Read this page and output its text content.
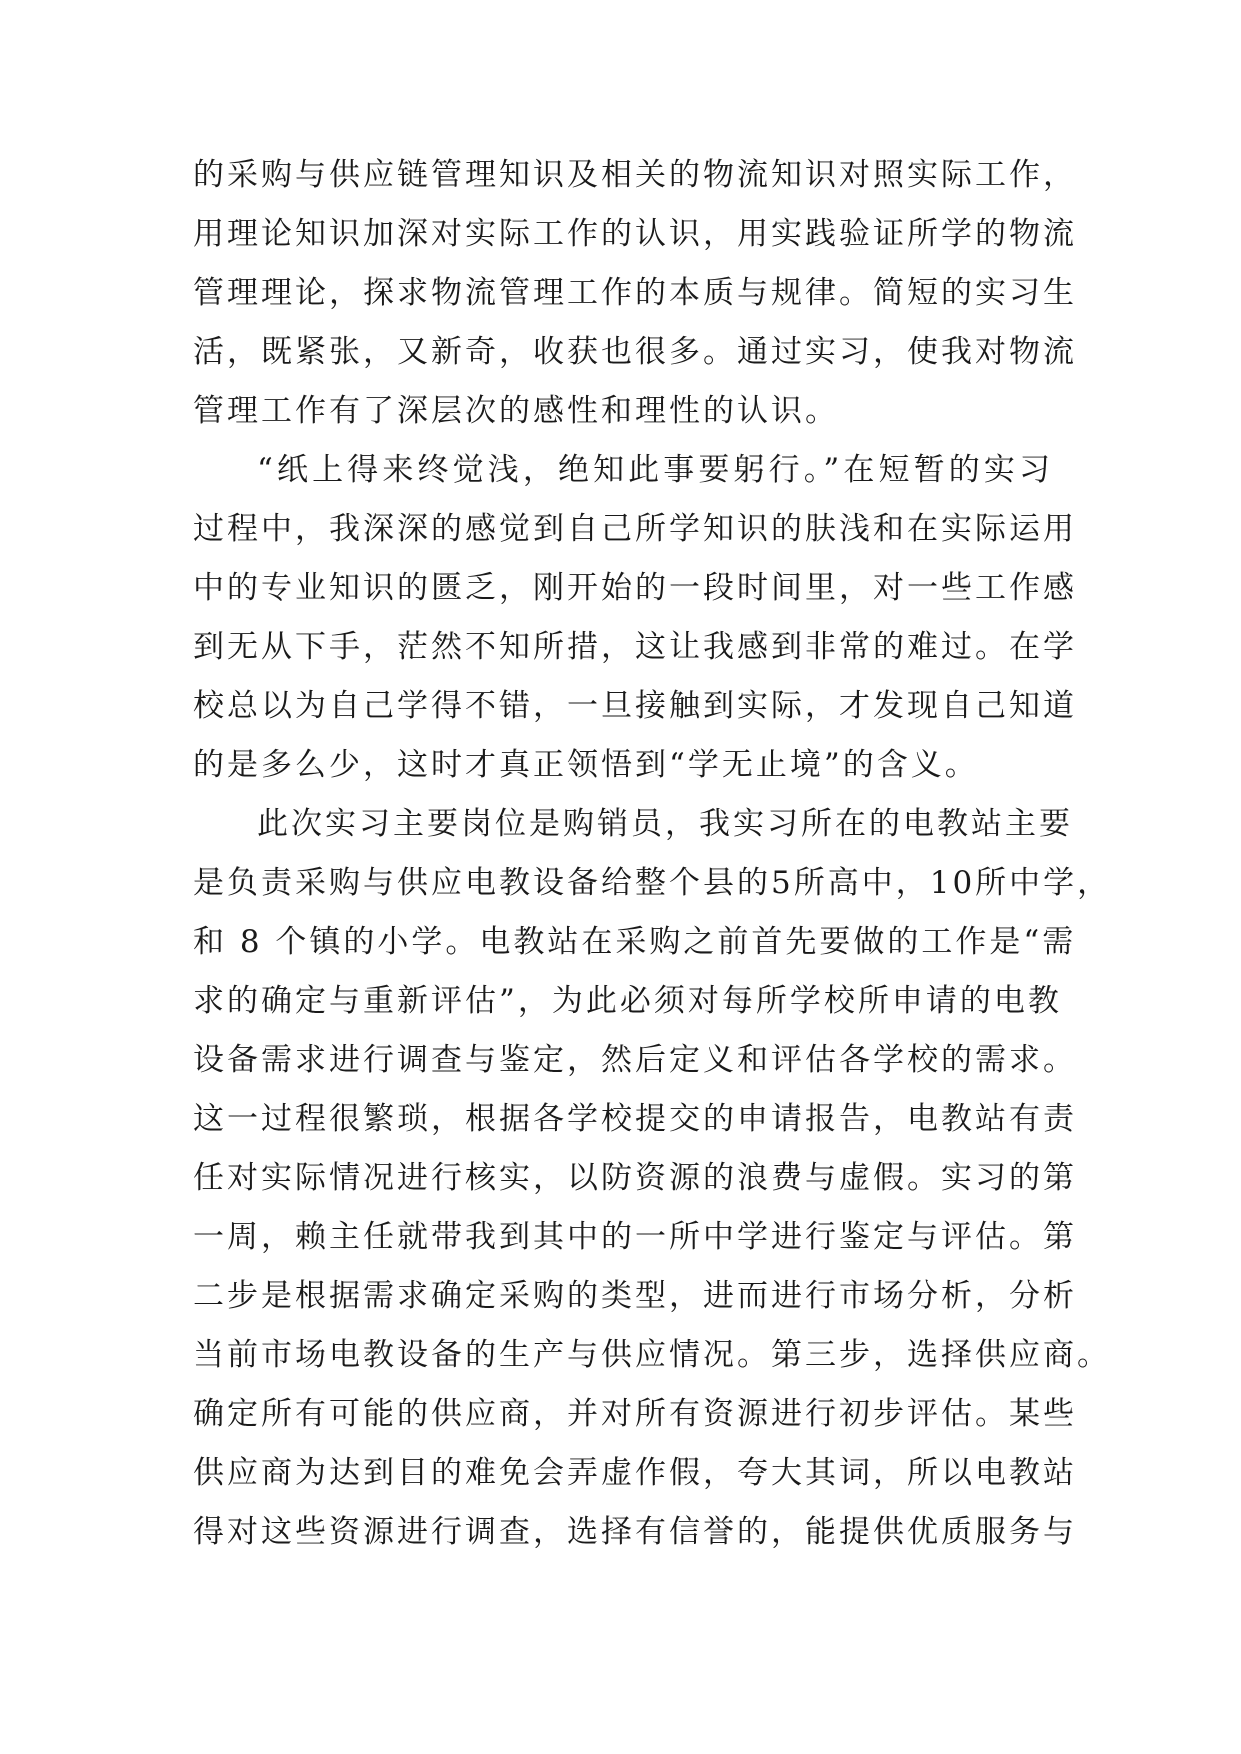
的采购与供应链管理知识及相关的物流知识对照实际工作，
用理论知识加深对实际工作的认识，用实践验证所学的物流
管理理论，探求物流管理工作的本质与规律。简短的实习生
活，既紧张，又新奇，收获也很多。通过实习，使我对物流
管理工作有了深层次的感性和理性的认识。
“纸上得来终觉浅，绝知此事要躬行。”在短暂的实习
过程中，我深深的感觉到自己所学知识的肤浅和在实际运用
中的专业知识的匮乏，刚开始的一段时间里，对一些工作感
到无从下手，茫然不知所措，这让我感到非常的难过。在学
校总以为自己学得不错，一旦接触到实际，才发现自己知道
的是多么少，这时才真正领悟到“学无止境”的含义。
此次实习主要岗位是购销员，我实习所在的电教站主要
是负责采购与供应电教设备给整个县的5所高中，10所中学，
和 8 个镇的小学。电教站在采购之前首先要做的工作是“需
求的确定与重新评估”，为此必须对每所学校所申请的电教
设备需求进行调查与鉴定，然后定义和评估各学校的需求。
这一过程很繁琐，根据各学校提交的申请报告，电教站有责
任对实际情况进行核实，以防资源的浪费与虚假。实习的第
一周，赖主任就带我到其中的一所中学进行鉴定与评估。第
二步是根据需求确定采购的类型，进而进行市场分析，分析
当前市场电教设备的生产与供应情况。第三步，选择供应商。
确定所有可能的供应商，并对所有资源进行初步评估。某些
供应商为达到目的难免会弄虚作假，夸大其词，所以电教站
得对这些资源进行调查，选择有信誉的，能提供优质服务与
